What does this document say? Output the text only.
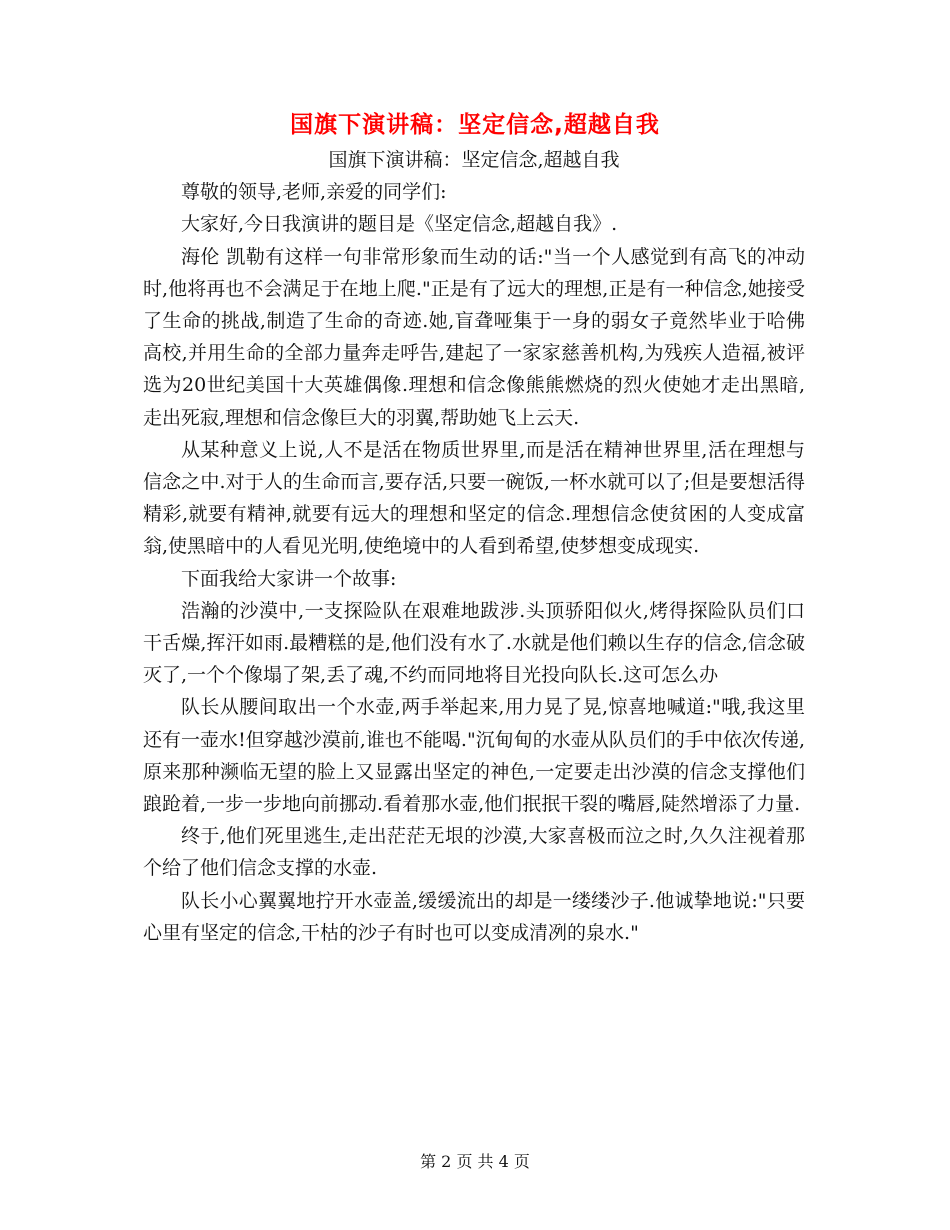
国旗下演讲稿：坚定信念,超越自我

国旗下演讲稿：坚定信念,超越自我

尊敬的领导,老师,亲爱的同学们:

大家好,今日我演讲的题目是《坚定信念,超越自我》.

海伦 凯勒有这样一句非常形象而生动的话:"当一个人感觉到有高飞的冲动时,他将再也不会满足于在地上爬."正是有了远大的理想,正是有一种信念,她接受了生命的挑战,制造了生命的奇迹.她,盲聋哑集于一身的弱女子竟然毕业于哈佛高校,并用生命的全部力量奔走呼告,建起了一家家慈善机构,为残疾人造福,被评选为20世纪美国十大英雄偶像.理想和信念像熊熊燃烧的烈火使她才走出黑暗,走出死寂,理想和信念像巨大的羽翼,帮助她飞上云天.

从某种意义上说,人不是活在物质世界里,而是活在精神世界里,活在理想与信念之中.对于人的生命而言,要存活,只要一碗饭,一杯水就可以了;但是要想活得精彩,就要有精神,就要有远大的理想和坚定的信念.理想信念使贫困的人变成富翁,使黑暗中的人看见光明,使绝境中的人看到希望,使梦想变成现实.

下面我给大家讲一个故事:

浩瀚的沙漠中,一支探险队在艰难地跋涉.头顶骄阳似火,烤得探险队员们口干舌燥,挥汗如雨.最糟糕的是,他们没有水了.水就是他们赖以生存的信念,信念破灭了,一个个像塌了架,丢了魂,不约而同地将目光投向队长.这可怎么办

队长从腰间取出一个水壶,两手举起来,用力晃了晃,惊喜地喊道:"哦,我这里还有一壶水!但穿越沙漠前,谁也不能喝."沉甸甸的水壶从队员们的手中依次传递,原来那种濒临无望的脸上又显露出坚定的神色,一定要走出沙漠的信念支撑他们踉跄着,一步一步地向前挪动.看着那水壶,他们抿抿干裂的嘴唇,陡然增添了力量.

终于,他们死里逃生,走出茫茫无垠的沙漠,大家喜极而泣之时,久久注视着那个给了他们信念支撑的水壶.

队长小心翼翼地拧开水壶盖,缓缓流出的却是一缕缕沙子.他诚挚地说:"只要心里有坚定的信念,干枯的沙子有时也可以变成清冽的泉水."

第 2 页 共 4 页
